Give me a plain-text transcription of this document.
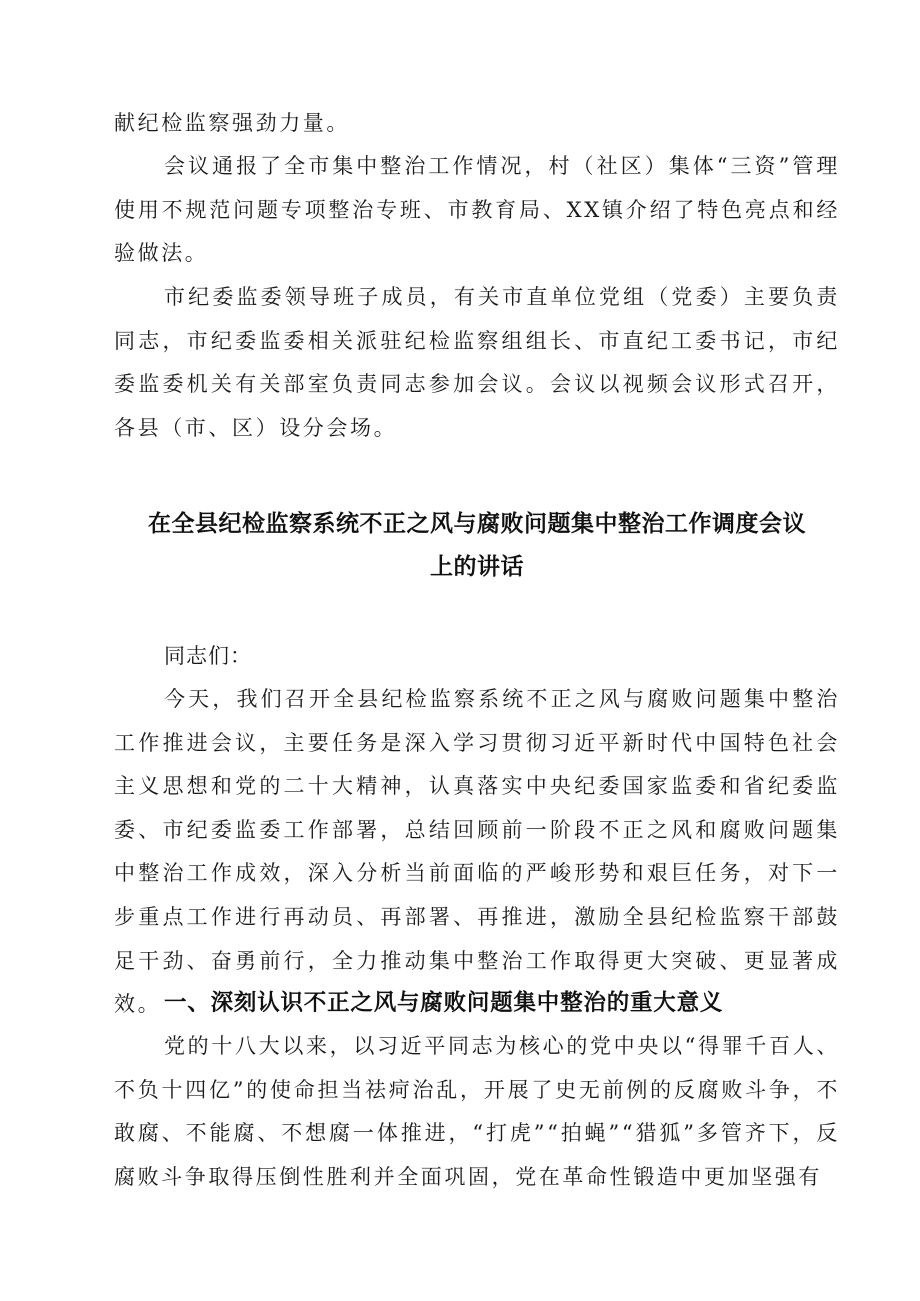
献纪检监察强劲力量。

会议通报了全市集中整治工作情况，村（社区）集体“三资”管理使用不规范问题专项整治专班、市教育局、XX镇介绍了特色亮点和经验做法。

市纪委监委领导班子成员，有关市直单位党组（党委）主要负责同志，市纪委监委相关派驻纪检监察组组长、市直纪工委书记，市纪委监委机关有关部室负责同志参加会议。会议以视频会议形式召开，各县（市、区）设分会场。

在全县纪检监察系统不正之风与腐败问题集中整治工作调度会议
上的讲话

同志们：

今天，我们召开全县纪检监察系统不正之风与腐败问题集中整治工作推进会议，主要任务是深入学习贯彻习近平新时代中国特色社会主义思想和党的二十大精神，认真落实中央纪委国家监委和省纪委监委、市纪委监委工作部署，总结回顾前一阶段不正之风和腐败问题集中整治工作成效，深入分析当前面临的严峻形势和艰巨任务，对下一步重点工作进行再动员、再部署、再推进，激励全县纪检监察干部鼓足干劲、奋勇前行，全力推动集中整治工作取得更大突破、更显著成效。 一、深刻认识不正之风与腐败问题集中整治的重大意义

党的十八大以来，以习近平同志为核心的党中央以“得罪千百人、不负十四亿”的使命担当祛疴治乱，开展了史无前例的反腐败斗争，不敢腐、不能腐、不想腐一体推进，“打虎”“拍蝇”“猎狐”多管齐下，反腐败斗争取得压倒性胜利并全面巩固，党在革命性锻造中更加坚强有
